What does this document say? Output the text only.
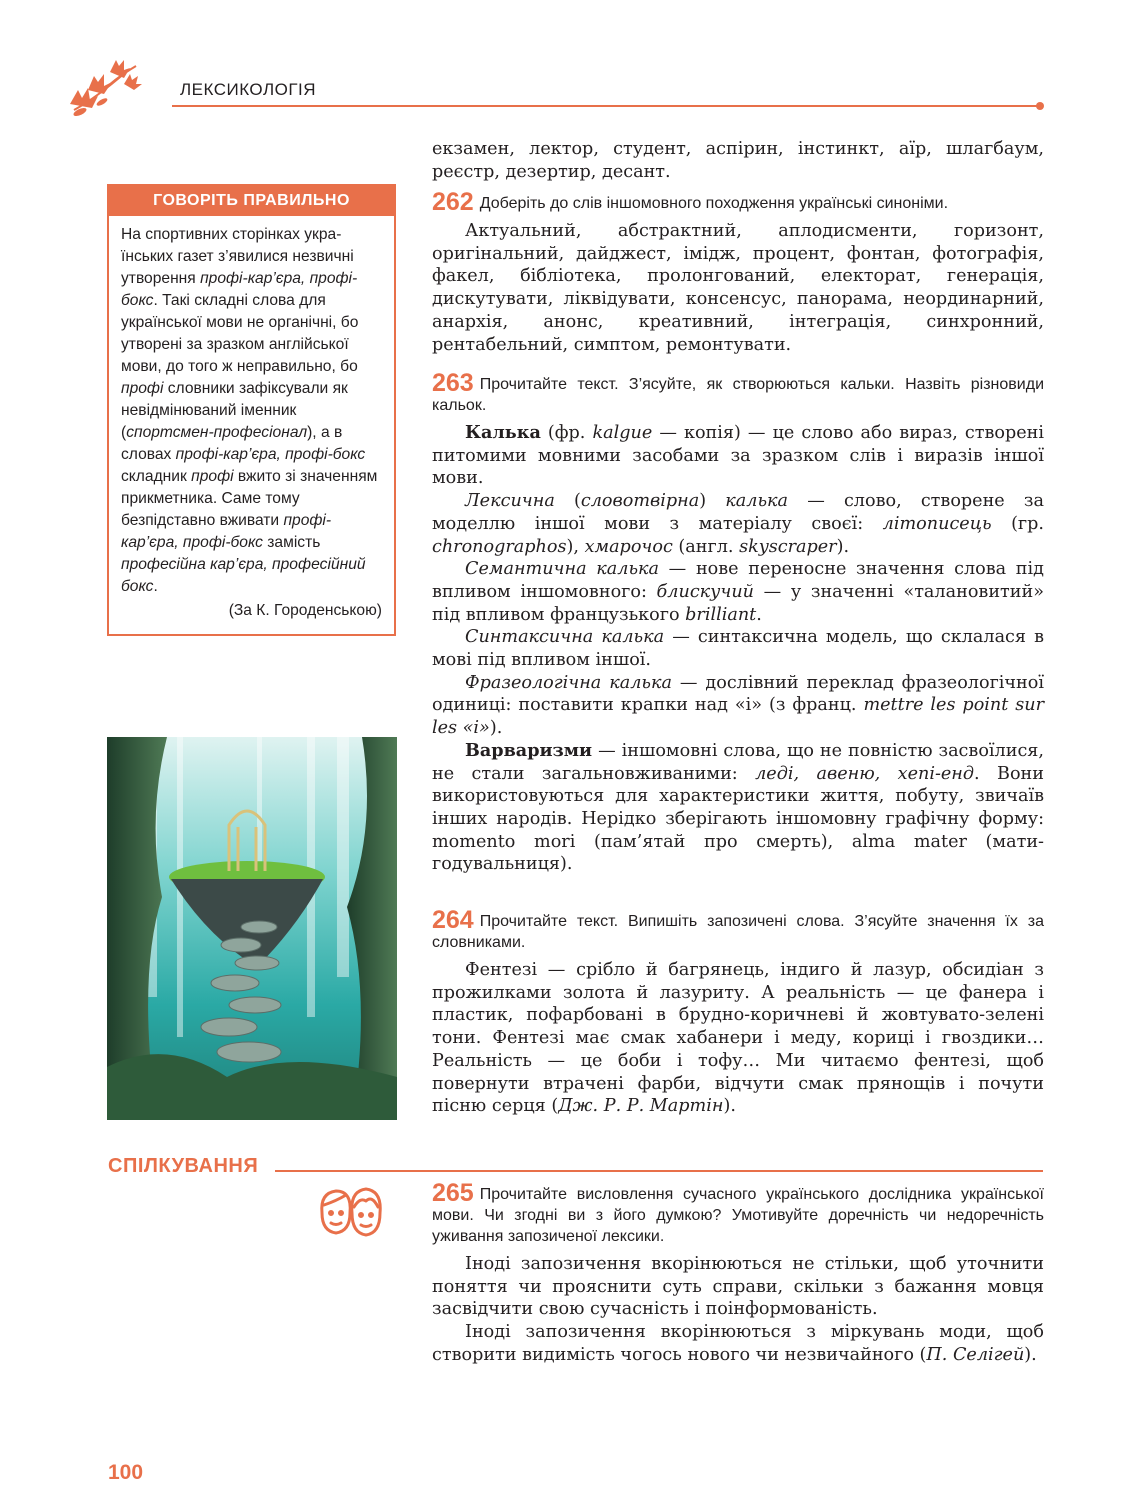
ЛЕКСИКОЛОГІЯ
ГОВОРІТЬ ПРАВИЛЬНО
На спортивних сторінках укра-їнських газет з’явилися незвичні утворення профі-кар’єра, профі-бокс. Такі складні слова для української мови не органічні, бо утворені за зразком англійської мови, до того ж неправильно, бо профі словники зафіксували як невідмінюваний іменник (спортсмен-професіонал), а в словах профі-кар’єра, профі-бокс складник профі вжито зі значенням прикметника. Саме тому безпідставно вживати профі-кар’єра, профі-бокс замість професійна кар’єра, професійний бокс.
(За К. Городенською)

екзамен, лектор, студент, аспірин, інстинкт, аїр, шлагбаум, реєстр, дезертир, десант.

262 Доберіть до слів іншомовного походження українські синоніми.

Актуальний, абстрактний, аплодисменти, горизонт, оригінальний, дайджест, імідж, процент, фонтан, фотографія, факел, бібліотека, пролонгований, електорат, генерація, дискутувати, ліквідувати, консенсус, панорама, неординарний, анархія, анонс, креативний, інтеграція, синхронний, рентабельний, симптом, ремонтувати.

263 Прочитайте текст. З’ясуйте, як створюються кальки. Назвіть різновиди кальок.

Калька (фр. kalgue — копія) — це слово або вираз, створені питомими мовними засобами за зразком слів і виразів іншої мови.

Лексична (словотвірна) калька — слово, створене за моделлю іншої мови з матеріалу своєї: літописець (гр. chronographos), хмарочос (англ. skyscraper).

Семантична калька — нове переносне значення слова під впливом іншомовного: блискучий — у значенні «талановитий» під впливом французького brilliant.

Синтаксична калька — синтаксична модель, що склалася в мові під впливом іншої.

Фразеологічна калька — дослівний переклад фразеологічної одиниці: поставити крапки над «і» (з франц. mettre les point sur les «i»).

Варваризми — іншомовні слова, що не повністю засвоїлися, не стали загальновживаними: леді, авеню, хепі-енд. Вони використовуються для характеристики життя, побуту, звичаїв інших народів. Нерідко зберігають іншомовну графічну форму: momento mori (пам’ятай про смерть), alma mater (мати-годувальниця).

264 Прочитайте текст. Випишіть запозичені слова. З’ясуйте значення їх за словниками.

Фентезі — срібло й багрянець, індиго й лазур, обсидіан з прожилками золота й лазуриту. А реальність — це фанера і пластик, пофарбовані в брудно-коричневі й жовтувато-зелені тони. Фентезі має смак хабанери і меду, кориці і гвоздики… Реальність — це боби і тофу… Ми читаємо фентезі, щоб повернути втрачені фарби, відчути смак прянощів і почути пісню серця (Дж. Р. Р. Мартін).

СПІЛКУВАННЯ

265 Прочитайте висловлення сучасного українського дослідника української мови. Чи згодні ви з його думкою? Умотивуйте доречність чи недоречність уживання запозиченої лексики.

Іноді запозичення вкорінюються не стільки, щоб уточнити поняття чи прояснити суть справи, скільки з бажання мовця засвідчити свою сучасність і поінформованість.

Іноді запозичення вкорінюються з міркувань моди, щоб створити видимість чогось нового чи незвичайного (П. Селігей).

100
